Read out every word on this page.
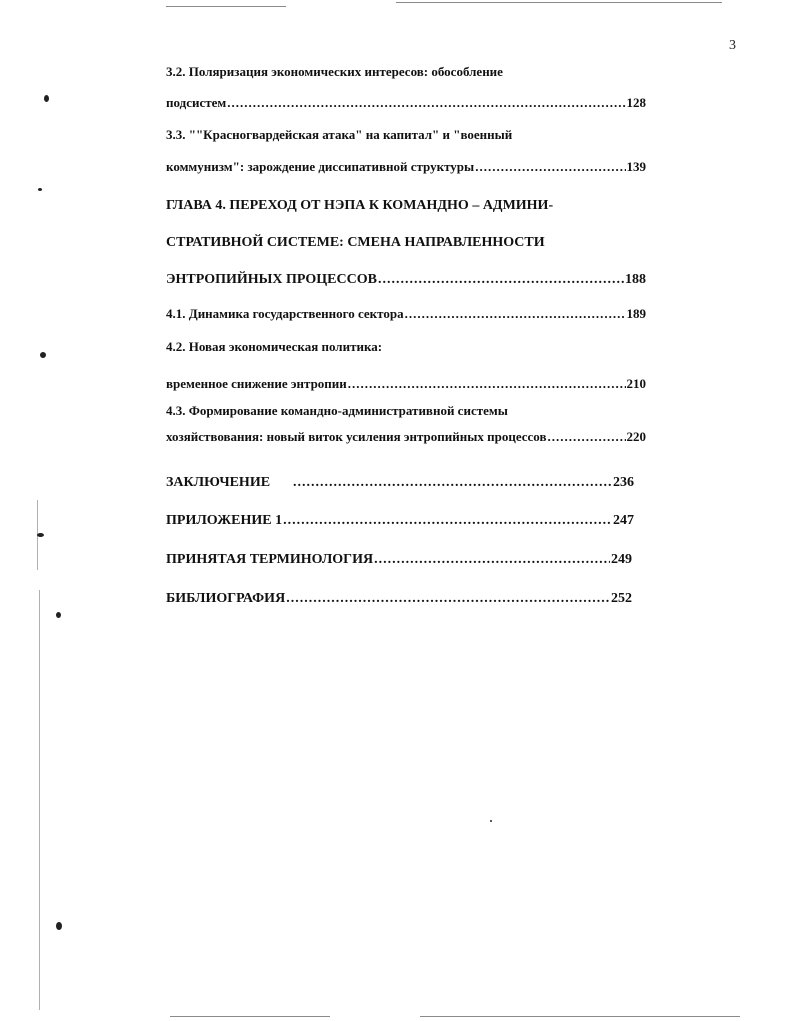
3
3.2. Поляризация экономических интересов: обособление
подсистем .....	128
3.3. ""Красногвардейская атака" на капитал" и "военный
коммунизм": зарождение диссипативной структуры .....	139
ГЛАВА 4. ПЕРЕХОД ОТ НЭПА К КОМАНДНО – АДМИНИ-
СТРАТИВНОЙ СИСТЕМЕ: СМЕНА НАПРАВЛЕННОСТИ
ЭНТРОПИЙНЫХ ПРОЦЕССОВ .....	188
4.1. Динамика государственного сектора .....	189
4.2. Новая экономическая политика:
временное снижение энтропии .....	210
4.3. Формирование командно-административной системы
хозяйствования: новый виток усиления энтропийных процессов .....	220
ЗАКЛЮЧЕНИЕ .....	236
ПРИЛОЖЕНИЕ 1 .....	247
ПРИНЯТАЯ ТЕРМИНОЛОГИЯ .....	249
БИБЛИОГРАФИЯ .....	252
